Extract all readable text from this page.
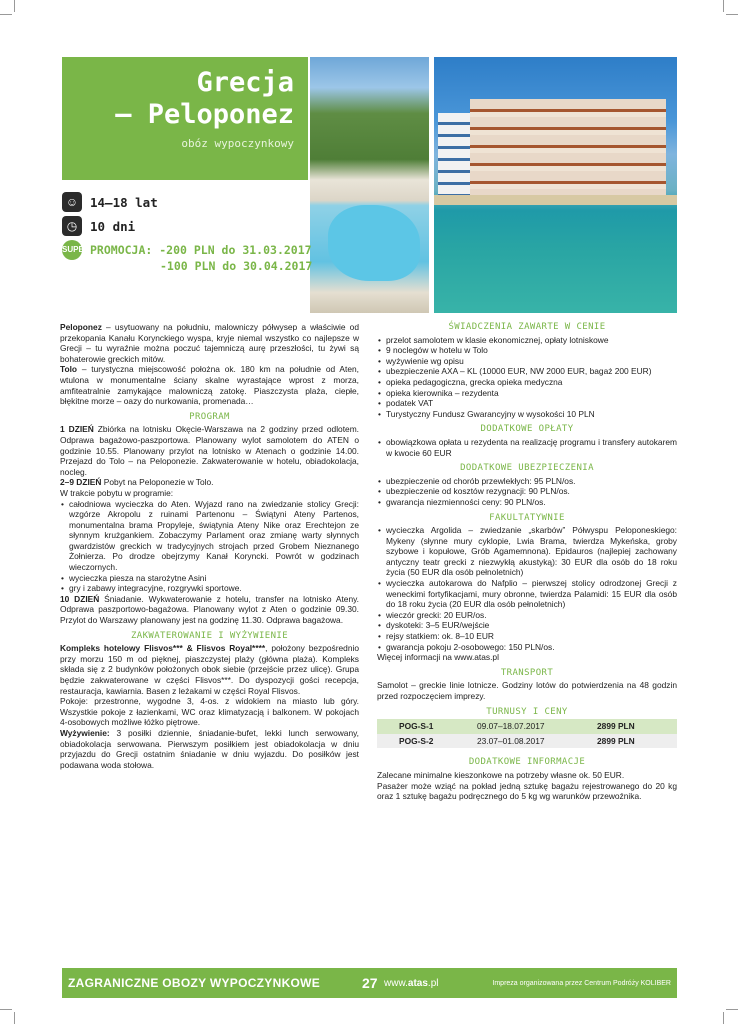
Grecja
– Peloponez
obóz wypoczynkowy
☺ 14–18 lat
◷	10 dni
SUPER PROMOCJA: -200 PLN do 31.03.2017
-100 PLN do 30.04.2017

Peloponez – usytuowany na południu, malowniczy półwysep a właściwie od przekopania Kanału Korynckiego wyspa, kryje niemal wszystko co najlepsze w Grecji – tu wyraźnie można poczuć tajemniczą aurę przeszłości, tu żywi są bohaterowie greckich mitów.

Tolo – turystyczna miejscowość położna ok. 180 km na południe od Aten, wtulona w monumentalne ściany skalne wyrastające wprost z morza, amfiteatralnie zamykające malowniczą zatokę. Piaszczysta plaża, ciepłe, błękitne morze – oazy do nurkowania, promenada…

PROGRAM

1 DZIEŃ Zbiórka na lotnisku Okęcie-Warszawa na 2 godziny przed odlotem. Odprawa bagażowo-paszportowa. Planowany wylot samolotem do ATEN o godzinie 10.55. Planowany przylot na lotnisko w Atenach o godzinie 14.00. Przejazd do Tolo – na Peloponezie. Zakwaterowanie w hotelu, obiadokolacja, nocleg.

2–9 DZIEŃ Pobyt na Peloponezie w Tolo.

W trakcie pobytu w programie:

• całodniowa wycieczka do Aten. Wyjazd rano na zwiedzanie stolicy Grecji: wzgórze Akropolu z ruinami Partenonu – Świątyni Ateny Partenos, monumentalna brama Propyleje, świątynia Ateny Nike oraz Erechtejon ze słynnym krużgankiem. Zobaczymy Parlament oraz zmianę warty słynnych gwardzistów greckich w tradycyjnych strojach przed Grobem Nieznanego Żołnierza. Po drodze obejrzymy Kanał Koryncki. Powrót w godzinach wieczornych.
• wycieczka piesza na starożytne Asini
• gry i zabawy integracyjne, rozgrywki sportowe.

10 DZIEŃ Śniadanie. Wykwaterowanie z hotelu, transfer na lotnisko Ateny. Odprawa paszportowo-bagażowa. Planowany wylot z Aten o godzinie 09.30. Przylot do Warszawy planowany jest na godzinę 11.30. Odprawa bagażowa.

ZAKWATEROWANIE I WYŻYWIENIE

Kompleks hotelowy Flisvos*** & Flisvos Royal****, położony bezpośrednio przy morzu 150 m od pięknej, piaszczystej plaży (główna plaża). Kompleks składa się z 2 budynków położonych obok siebie (przejście przez ulicę). Grupa będzie zakwaterowane w części Flisvos***. Do dyspozycji gości recepcja, restauracja, kawiarnia. Basen z leżakami w części Royal Flisvos.

Pokoje: przestronne, wygodne 3, 4-os. z widokiem na miasto lub góry. Wszystkie pokoje z łazienkami, WC oraz klimatyzacją i balkonem. W pokojach 4-osobowych możliwe łóżko piętrowe.

Wyżywienie: 3 posiłki dziennie, śniadanie-bufet, lekki lunch serwowany, obiadokolacja serwowana. Pierwszym posiłkiem jest obiadokolacja w dniu przyjazdu do Grecji ostatnim śniadanie w dniu wyjazdu. Do posiłków jest podawana woda stołowa.

ŚWIADCZENIA ZAWARTE W CENIE
• przelot samolotem w klasie ekonomicznej, opłaty lotniskowe
• 9 noclegów w hotelu w Tolo
• wyżywienie wg opisu
• ubezpieczenie AXA – KL (10000 EUR, NW 2000 EUR, bagaż 200 EUR)
• opieka pedagogiczna, grecka opieka medyczna
• opieka kierownika – rezydenta
• podatek VAT
• Turystyczny Fundusz Gwarancyjny w wysokości 10 PLN
DODATKOWE OPŁATY
• obowiązkowa opłata u rezydenta na realizację programu i transfery autokarem w kwocie 60 EUR
DODATKOWE UBEZPIECZENIA
• ubezpieczenie od chorób przewlekłych: 95 PLN/os.
• ubezpieczenie od kosztów rezygnacji: 90 PLN/os.
• gwarancja niezmienności ceny: 90 PLN/os.
FAKULTATYWNIE
• wycieczka Argolida – zwiedzanie „skarbów” Półwyspu Peloponeskiego: Mykeny (słynne mury cyklopie, Lwia Brama, twierdza Mykeńska, groby szybowe i kopułowe, Grób Agamemnona). Epidauros (najlepiej zachowany antyczny teatr grecki z niezwykłą akustyką): 30 EUR dla osób do 18 roku życia (50 EUR dla osób pełnoletnich)
• wycieczka autokarowa do Nafplio – pierwszej stolicy odrodzonej Grecji z weneckimi fortyfikacjami, mury obronne, twierdza Palamidi: 15 EUR dla osób do 18 roku życia (20 EUR dla osób pełnoletnich)
• wieczór grecki: 20 EUR/os.
• dyskoteki: 3–5 EUR/wejście
• rejsy statkiem: ok. 8–10 EUR
• gwarancja pokoju 2-osobowego: 150 PLN/os.

Więcej informacji na www.atas.pl

TRANSPORT

Samolot – greckie linie lotnicze. Godziny lotów do potwierdzenia na 48 godzin przed rozpoczęciem imprezy.

TURNUSY I CENY
POG-S-1	09.07–18.07.2017	2899 PLN
POG-S-2	23.07–01.08.2017	2899 PLN
DODATKOWE INFORMACJE

Zalecane minimalne kieszonkowe na potrzeby własne ok. 50 EUR.

Pasażer może wziąć na pokład jedną sztukę bagażu rejestrowanego do 20 kg oraz 1 sztukę bagażu podręcznego do 5 kg wg warunków przewoźnika.

ZAGRANICZNE OBOZY WYPOCZYNKOWE	27 www.atas.pl	Impreza organizowana przez Centrum Podróży KOLIBER
